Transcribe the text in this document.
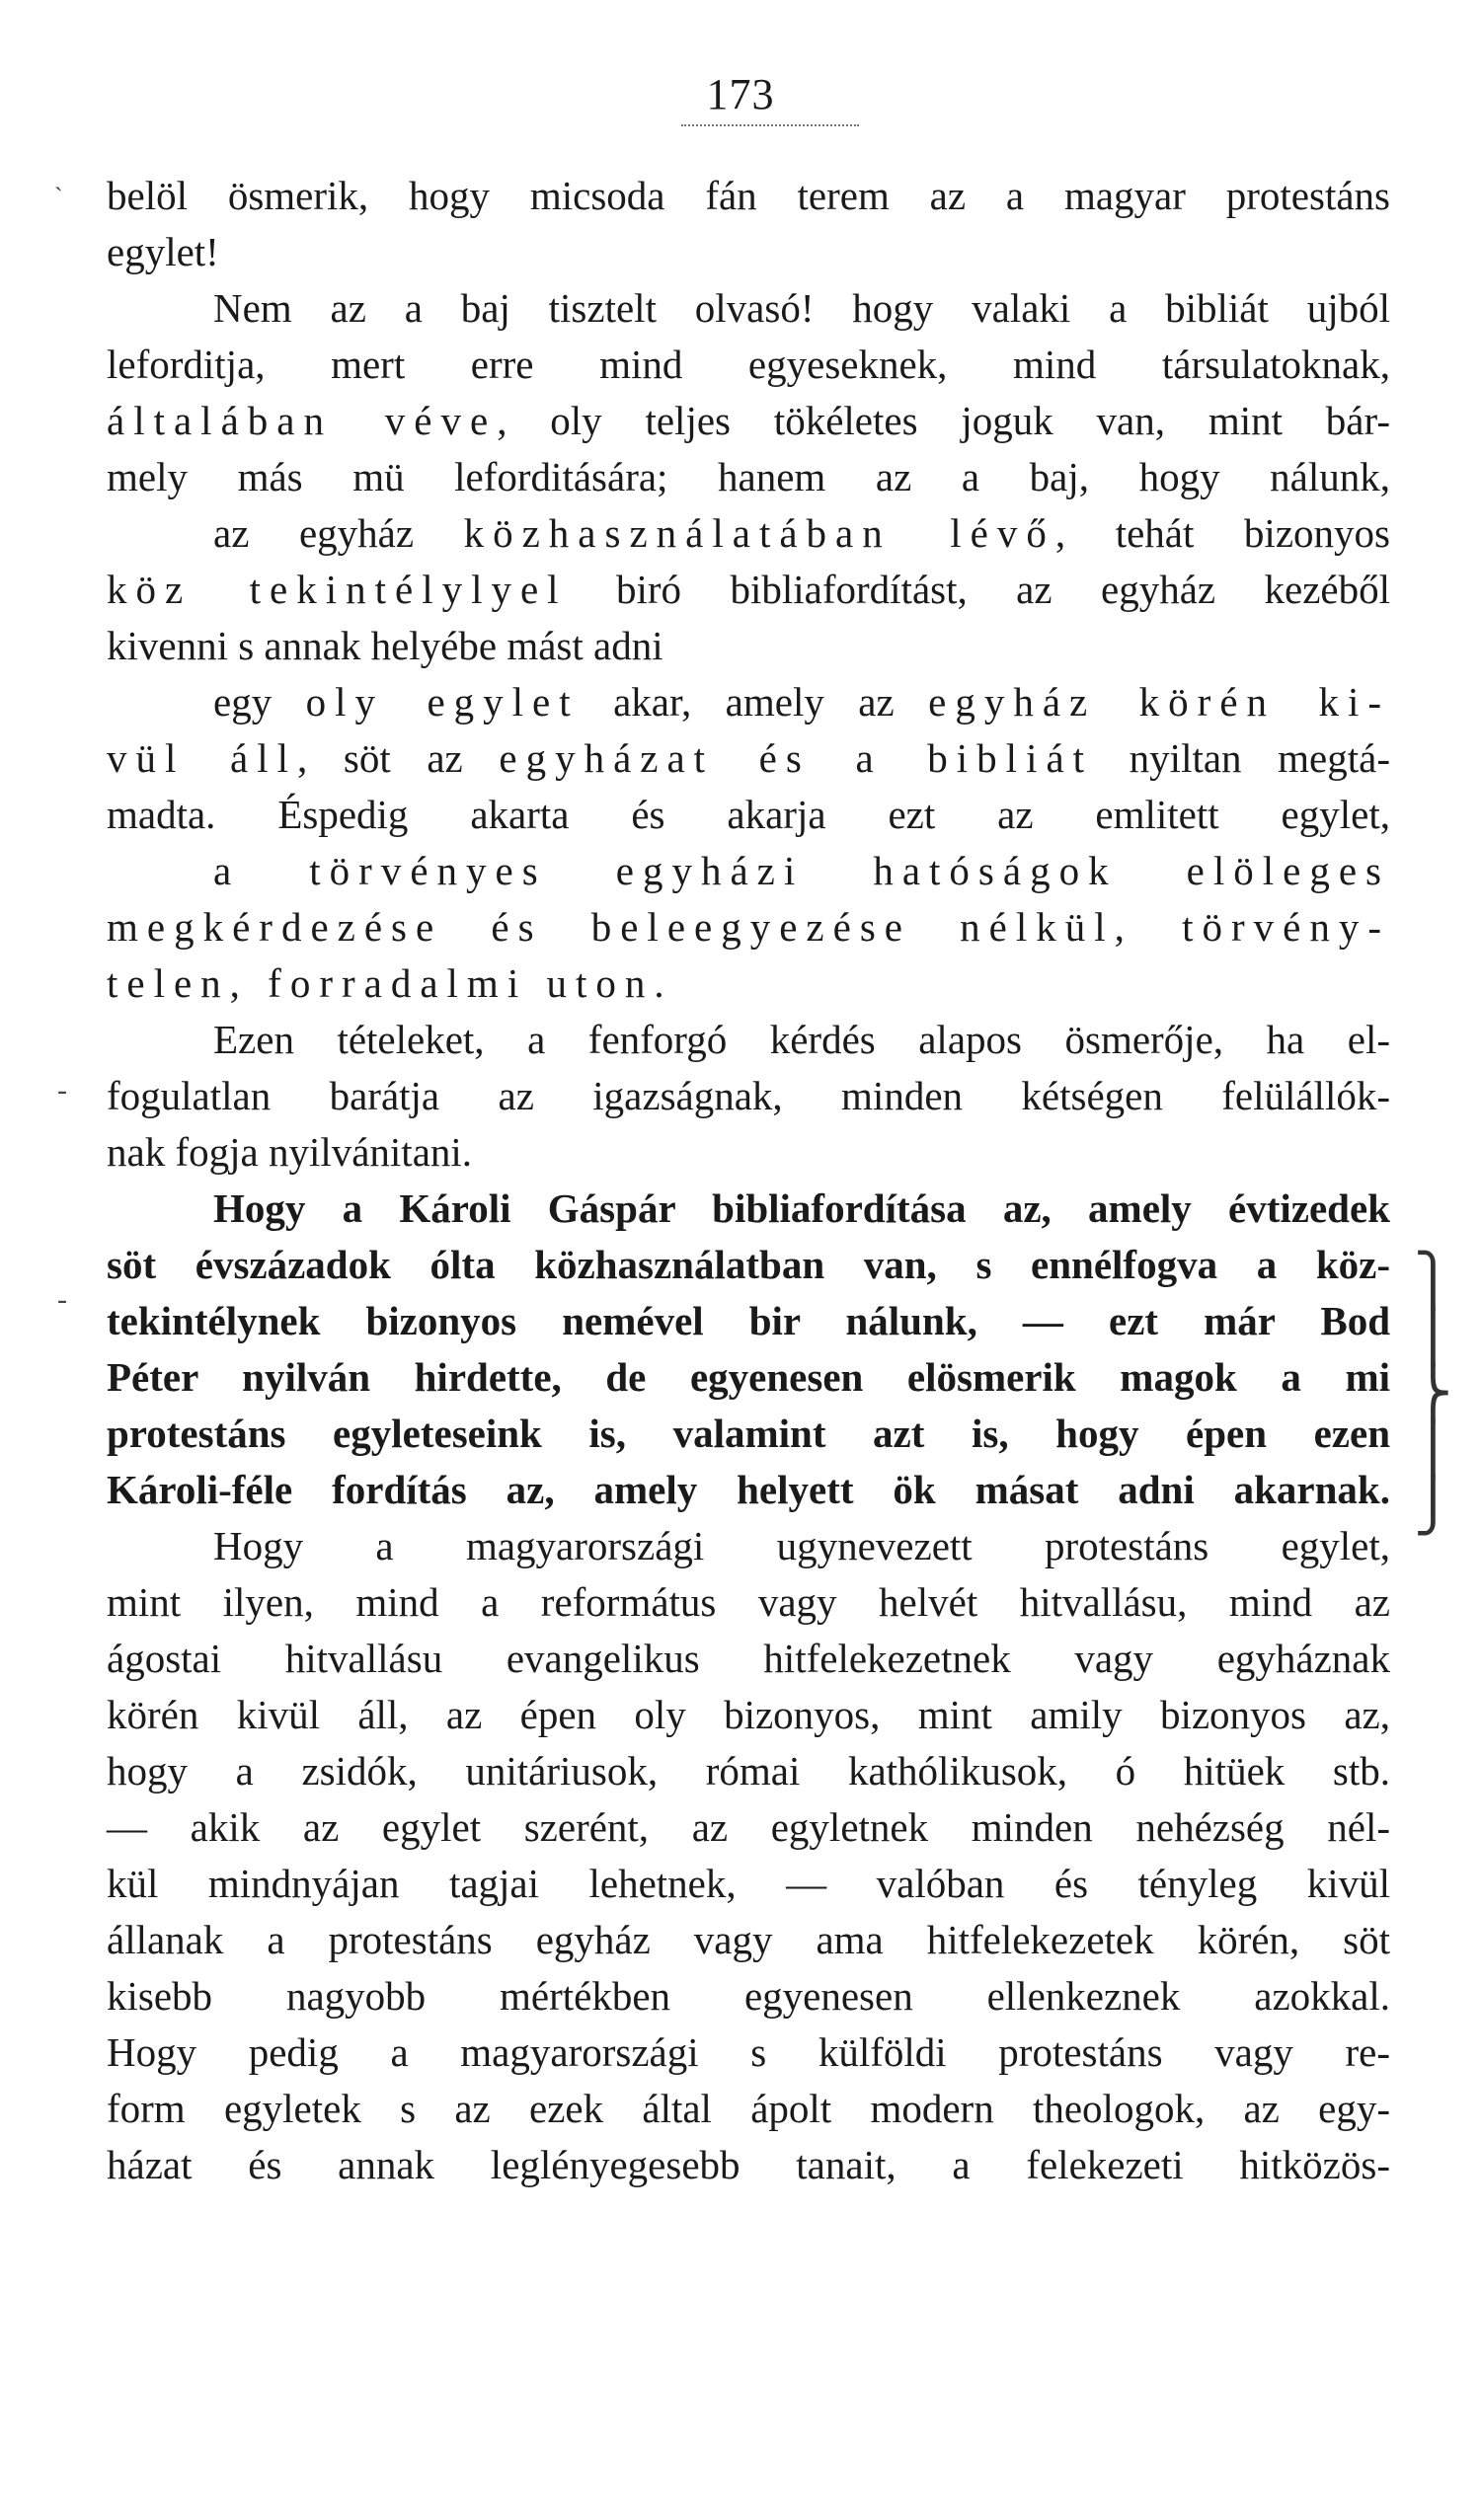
173
belöl ösmerik, hogy micsoda fán terem az a magyar protestáns
egylet!
Nem az a baj tisztelt olvasó! hogy valaki a bibliát ujból
leforditja, mert erre mind egyeseknek, mind társulatoknak,
általában véve, oly teljes tökéletes joguk van, mint bár-
mely más mü leforditására; hanem az a baj, hogy nálunk,
az egyház közhasználatában lévő, tehát bizonyos
köz tekintélylyel biró bibliafordítást, az egyház kezéből
kivenni s annak helyébe mást adni
egy oly egylet akar, amely az egyház körén ki-
vül áll, söt az egyházat és a bibliát nyiltan megtá-
madta. Éspedig akarta és akarja ezt az emlitett egylet,
a törvényes egyházi hatóságok elöleges
megkérdezése és beleegyezése nélkül, törvény-
telen, forradalmi uton.
Ezen tételeket, a fenforgó kérdés alapos ösmerője, ha el-
fogulatlan barátja az igazságnak, minden kétségen felülállók-
nak fogja nyilvánitani.
Hogy a Károli Gáspár bibliafordítása az, amely évtizedek
söt évszázadok ólta közhasználatban van, s ennélfogva a köz-
tekintélynek bizonyos nemével bir nálunk, — ezt már Bod
Péter nyilván hirdette, de egyenesen elösmerik magok a mi
protestáns egyleteseink is, valamint azt is, hogy épen ezen
Károli-féle fordítás az, amely helyett ök másat adni akarnak.
Hogy a magyarországi ugynevezett protestáns egylet,
mint ilyen, mind a református vagy helvét hitvallásu, mind az
ágostai hitvallásu evangelikus hitfelekezetnek vagy egyháznak
körén kivül áll, az épen oly bizonyos, mint amily bizonyos az,
hogy a zsidók, unitáriusok, római kathólikusok, ó hitüek stb.
— akik az egylet szerént, az egyletnek minden nehézség nél-
kül mindnyájan tagjai lehetnek, — valóban és tényleg kivül
állanak a protestáns egyház vagy ama hitfelekezetek körén, söt
kisebb nagyobb mértékben egyenesen ellenkeznek azokkal.
Hogy pedig a magyarországi s külföldi protestáns vagy re-
form egyletek s az ezek által ápolt modern theologok, az egy-
házat és annak leglényegesebb tanait, a felekezeti hitközös-
⎫
⎪
⎬
⎪
⎭
ˋ
-
-
